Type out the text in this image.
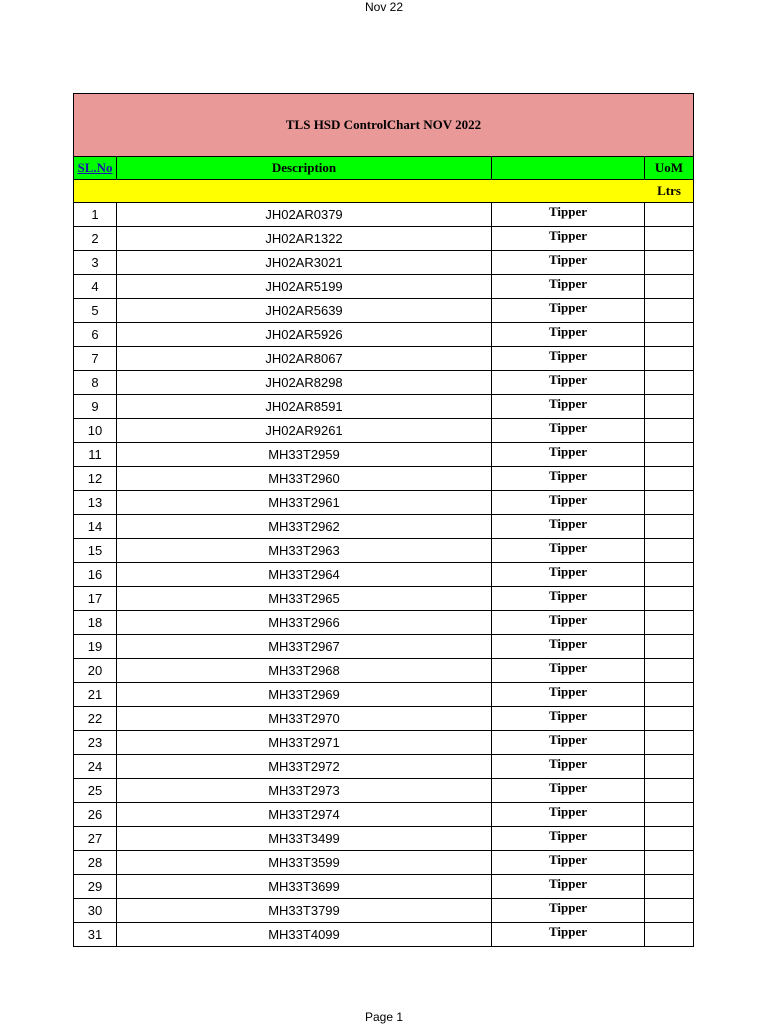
Nov 22
TLS HSD ControlChart NOV 2022			
SL.No	Description		UoM
			Ltrs
1	JH02AR0379	Tipper	
2	JH02AR1322	Tipper	
3	JH02AR3021	Tipper	
4	JH02AR5199	Tipper	
5	JH02AR5639	Tipper	
6	JH02AR5926	Tipper	
7	JH02AR8067	Tipper	
8	JH02AR8298	Tipper	
9	JH02AR8591	Tipper	
10	JH02AR9261	Tipper	
11	MH33T2959	Tipper	
12	MH33T2960	Tipper	
13	MH33T2961	Tipper	
14	MH33T2962	Tipper	
15	MH33T2963	Tipper	
16	MH33T2964	Tipper	
17	MH33T2965	Tipper	
18	MH33T2966	Tipper	
19	MH33T2967	Tipper	
20	MH33T2968	Tipper	
21	MH33T2969	Tipper	
22	MH33T2970	Tipper	
23	MH33T2971	Tipper	
24	MH33T2972	Tipper	
25	MH33T2973	Tipper	
26	MH33T2974	Tipper	
27	MH33T3499	Tipper	
28	MH33T3599	Tipper	
29	MH33T3699	Tipper	
30	MH33T3799	Tipper	
31	MH33T4099	Tipper	
Page 1
